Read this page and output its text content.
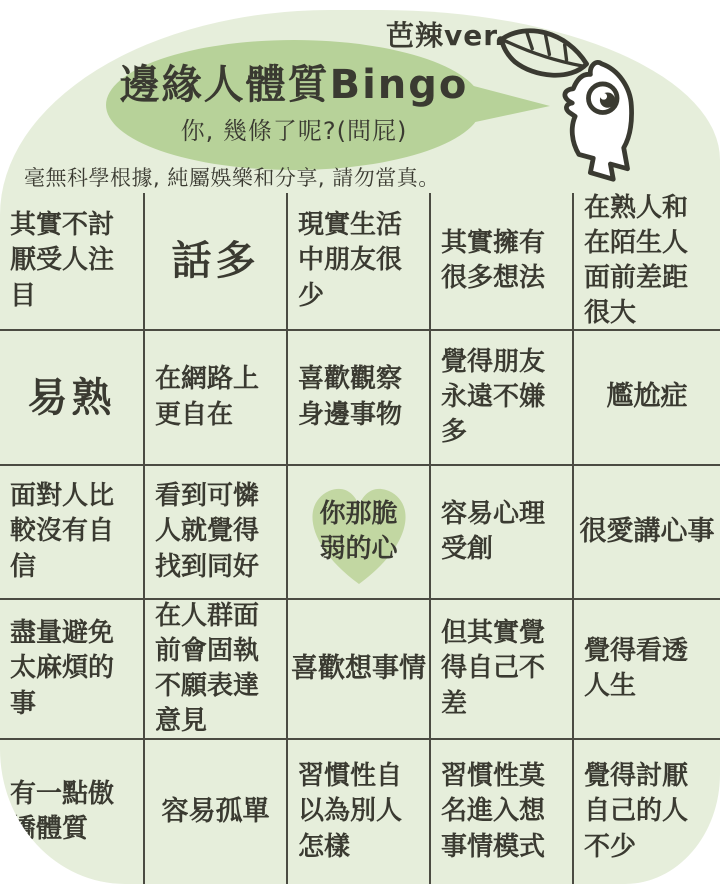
其實不討厭受人注目
話多
現實生活中朋友很少
其實擁有很多想法
在熟人和在陌生人面前差距很大
易熟 在網路上更自在
喜歡觀察身邊事物
覺得朋友永遠不嫌多
尷尬症
面對人比較沒有自信
看到可憐人就覺得找到同好
你那脆弱的心
容易心理受創
很愛講心事
盡量避免太麻煩的事
在人群面前會固執不願表達意見
喜歡想事情
但其實覺得自己不差
覺得看透人生
有一點傲嬌體質
容易孤單
習慣性自以為別人怎樣
習慣性莫名進入想事情模式
覺得討厭自己的人不少
芭辣ver.
邊緣人體質Bingo
你, 幾條了呢?(問屁)
毫無科學根據, 純屬娛樂和分享, 請勿當真。
